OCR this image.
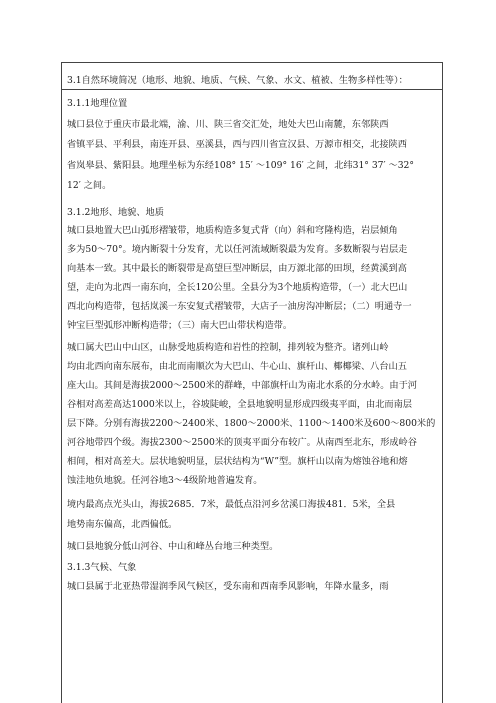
3.1自然环境简况（地形、地貌、地质、气候、气象、水文、植被、生物多样性等）：
3.1.1地理位置
城口县位于重庆市最北端，渝、川、陕三省交汇处，地处大巴山南麓，东邻陕西
省镇平县、平利县，南连开县、巫溪县，西与四川省宣汉县、万源市相交，北接陕西
省岚皋县、紫阳县。地理坐标为东经108° 15′ ～109° 16′ 之间，北纬31° 37′ ～32°
12′ 之间。
3.1.2地形、地貌、地质
城口县地置大巴山弧形褶皱带，地质构造多复式背（向）斜和穹隆构造，岩层倾角
多为50～70°。境内断裂十分发育，尤以任河流域断裂最为发育。多数断裂与岩层走
向基本一致。其中最长的断裂带是高望巨型冲断层，由万源北部的田坝，经黄溪到高
望，走向为北西一南东向，全长120公里。全县分为3个地质构造带，（一）北大巴山
西北向构造带，包括岚溪一东安复式褶皱带，大店子一油房沟冲断层；（二）明通寺一
钟宝巨型弧形冲断构造带；（三）南大巴山带状构造带。
城口属大巴山中山区，山脉受地质构造和岩性的控制，排列较为整齐。诸列山岭
均由北西向南东展布，由北而南顺次为大巴山、牛心山、旗杆山、椰椰梁、八台山五
座大山。其间是海拔2000～2500米的群峰，中部旗杆山为南北水系的分水岭。由于河
谷相对高差高达1000米以上，谷坡陡峻，全县地貌明显形成四级夷平面，由北而南层
层下降。分别有海拔2200～2400米、1800～2000米、1100～1400米及600～800米的
河谷地带四个级。海拔2300～2500米的顶夷平面分布较广。从南西至北东，形成岭谷
相间，相对高差大。层状地貌明显，层状结构为“W”型。旗杆山以南为熔蚀谷地和熔
蚀洼地负地貌。任河谷地3～4级阶地普遍发育。
境内最高点光头山，海拔2685．7米，最低点沿河乡岔溪口海拔481．5米，全县
地势南东偏高，北西偏低。
城口县地貌分低山河谷、中山和峰丛台地三种类型。
3.1.3气候、气象
城口县属于北亚热带湿润季风气候区，受东南和西南季风影响，年降水量多，雨
